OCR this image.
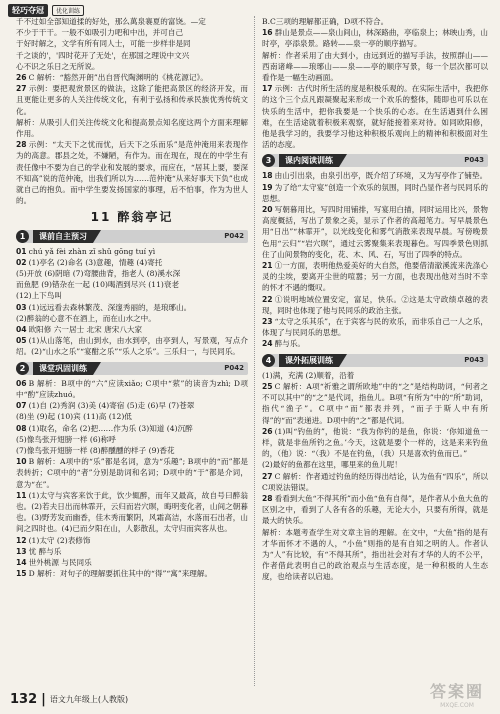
轻巧夺冠	优化训练

千不过如全部知道揉的好处，那么萬泉褰夏的富饶。—定

不少于干干。一般不如吸引力吧和中出，并可自己

于好时解之，文学有所有同人士，可能一步样非是同

千之谈的'，'四时花开了无处'，在那国之理说中文兴

心不识之乐日之无所说。

26 C 解析：“豁然开朗”出自晋代陶渊明的《桃花源记》。

27 示例：要把观赏景区的做法，这除了能把高景区的经济开发，而且更能让更多的人关注传统文化，有利于弘扬和传承民族优秀传统文化。

解析：从吸引人们关注传统文化和提高景点知名度这两个方面来理解作用。

28 示例：“太天下之忧而忧，后天下之乐而乐”是范仲淹用来表现作为的高意。郡县之处，不嫌陋，有作为。而在现在，现在的中学生有责任像中不要为自己的学业和发展的要求，而应在，“居其上要，要深不知高”说的范仲淹，出我们所以为……范仲淹“从来好事天下负”也成就自己的抱负。而中学生要发扬国家的事理，后不怕事，作为为世人的。

11 醉翁亭记
1	课前自主预习	P042

01 chú yǎ fèi zhàn zǐ shǔ gōng tuí yì

02 (1)亭名 (2)命名 (3)意趣，情趣 (4)寄托

(5)开放 (6)阴暗 (7)弯腰曲背，指老人 (8)溪水深

而鱼肥 (9)错杂在一起 (10)喝酒到尽兴 (11)衰老

(12)上下鸟叫

03 (1)远远看去森林繁茂、深邃秀丽的，是琅琊山。

(2)醉翁的心意不在酒上，而在山水之中。

04 欧阳修 六一居士 北宋 唐宋八大家

05 (1)从山落笔，由山到水，由水到亭，由亭到人，写景观，写点介绍。(2)“山水之乐”“宴酣之乐”“乐人之乐”。三乐归一，与民同乐。

2	课堂巩固训练	P042

06 B 解析：B项中的“六”应读xiǎo; C项中“萦”的读音为zhì; D项中“酌”应读zhuó。

07 (1)自 (2)秀润 (3)美 (4)寄宿 (5)走 (6)早 (7)苍翠

(8)坐 (9)起 (10)宾 (11)高 (12)低

08 (1)取名，命名 (2)把……作为乐 (3)知道 (4)沉醉

(5)像鸟张开翅膀一样 (6)称呼

(7)像鸟张开翅膀一样 (8)醉醺醺的样子 (9)香花

10 B 解析：A项中的“乐”都是名词，意为“乐趣”; B项中的“而”都是表转折；C项中的“者”分别是助词和名词；D项中的“于”都是介词，意为“在”。

11 (1)太守与宾客来饮于此，饮少辄醉，而年又最高，故自号曰醉翁也。(2)若夫日出而林霏开，云归而岩穴暝，晦明变化者，山间之朝暮也。(3)野芳发而幽香，佳木秀而繁阴，风霜高洁，水落而石出者，山间之四时也。(4)已而夕阳在山，人影散乱，太守归而宾客从也。

12 (1)太守 (2)表修饰

13 忧 醉与乐

14 世外桃源 与民同乐

15 D 解析：对句子的理解要抓住其中的“得”“寓”来理解。

B.C三项的理解都正确，D项不符合。

16 群山是景点——泉山间山，林深路曲，亭临泉上；林映山秀，山时亭，亭添泉景。路转——泉一亭的顺序描写。

解析：作者采用了由大到小，由远到近的描写手法，按照群山——西南诸峰——琅琊山——泉——亭的顺序写景，每一个层次都可以看作是一幅生动画面。

17 示例：古代时所生活的度是积极乐观的。在实际生活中，我把你的这个三个点凡跟凝聚起来形成一个欢乐的整体，随即也可乐以在快乐的生活中，把你我要是一个快乐的心态。在生活遇到什么困难，在生活途就着积极来观察，就好能接着来对待。如同欧阳修，他是我学习的，我要学习他这种积极乐观向上的精神和积极面对生活的态度。

3	课内阅读训练	P043

18 由山引出泉，由泉引出亭，既介绍了环境，又为写亭作了铺垫。

19 为了给“太守宴”创造一个欢乐的氛围，同时凸显作者与民同乐的思想。

20 写朝暮用比，写四时用铺排，写宴用白描，同时运用比兴，景物高度概括，写出了景象之美，显示了作者的高超笔力。写早晨景色用“日出”“林霏开”，以光线变化和雾气消散来表现早晨。写傍晚景色用“云归”“岩穴暝”，通过云雾聚集来表现暮色。写四季景色则抓住了山间景物的变化，花、木、风、石，写出了四季的特点。

21 ①一方面，表明他热爱美好的大自然，他要借清澈溪流来洗涤心灵的尘埃，要离开尘世的喧嚣；另一方面，也表现出他对当时不幸的怀才不遇的慨叹。

22 ①说明地域位置安定，富足，快乐。②这是太守政绩卓越的表现，同时也体现了他与民同乐的政治主张。

23 “太守之乐其乐”，在于宾客与民的欢乐，而非乐自己一人之乐，体现了与民同乐的思想。

24 醉与乐。

4	课外拓展训练	P043

(1)满，充满 (2)顺着，沿着

25 C 解析：A项“祈雅之谓所欧地”中的“之”是结构助词，“何者之不可以其中”的“之”是代词，指鱼儿。B项“有所为”中的“所”助词，指代“渔子”。C项中“而”都表并列，“而子于斯人中有所得”的“而”表递进。D项中的“之”都是代词。

26 (1)叫“钓鱼的”，他说：“我为你钓的是鱼，你说：‘你知道鱼一样，就是非鱼所钓之鱼。’今天，这就是要个一样的，这是来来钓鱼的，（他）说：“（我）不是在钓鱼，（我）只是喜欢钓鱼而已。”

(2)最好的鱼都在这里，哪里来的鱼儿呢！

27 C 解析：作者通过钓鱼的经历得出结论，认为鱼有“四乐”，所以C项说法错误。

28 看看到大鱼“不得其所”而小鱼“鱼有自得”，是作者从小鱼大鱼的区别之中，看到了人各有各的乐趣，无论大小，只要有所得，就是最大的快乐。

解析：本题考查学生对文章主旨的理解。在文中，“大鱼”指的是有才华而怀才不遇的人，“小鱼”则指的是有自知之明的人。作者认为“人”有比较，有“不得其所”，指出社会对有才华的人的不公平，作者借此表明自己的政治观点与生活态度，是一种积极的人生态度，也给读者以启迪。

132 | 语文九年级上(人教版)	答案圈
MXQE.COM
